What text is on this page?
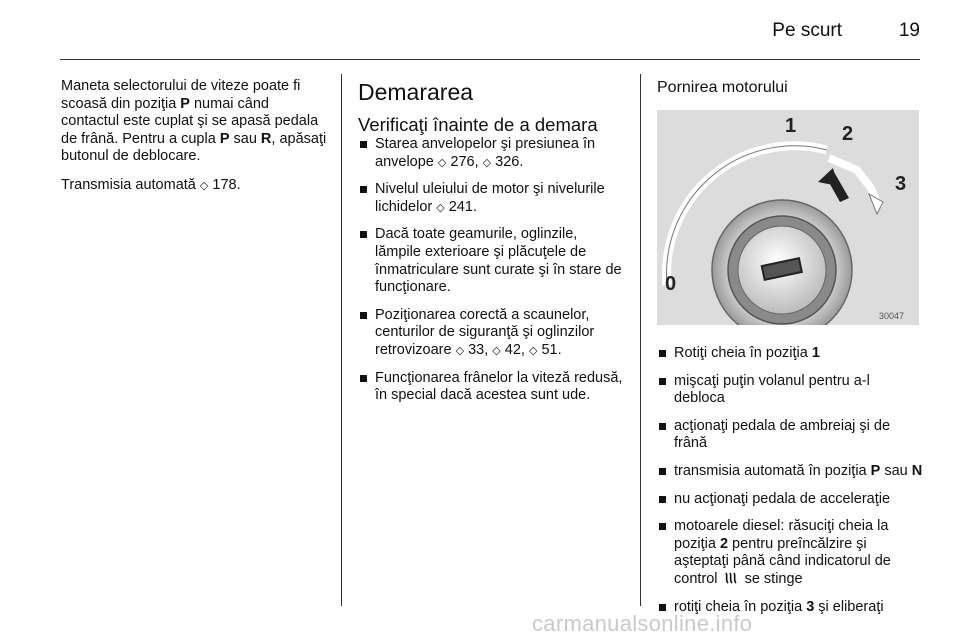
Pe scurt	19

Maneta selectorului de viteze poate fi scoasă din poziţia P numai când contactul este cuplat şi se apasă pedala de frână. Pentru a cupla P sau R, apăsaţi butonul de deblocare.

Transmisia automată ◇ 178.

Demararea
Verificaţi înainte de a demara
Starea anvelopelor şi presiunea în anvelope ◇ 276, ◇ 326.
Nivelul uleiului de motor şi nivelurile lichidelor ◇ 241.
Dacă toate geamurile, oglinzile, lămpile exterioare şi plăcuţele de înmatriculare sunt curate şi în stare de funcţionare.
Poziţionarea corectă a scaunelor, centurilor de siguranţă şi oglinzilor retrovizoare ◇ 33, ◇ 42, ◇ 51.
Funcţionarea frânelor la viteză redusă, în special dacă acestea sunt ude.
Pornirea motorului
0
1 2
3
30047
Rotiţi cheia în poziţia 1
mişcaţi puţin volanul pentru a-l debloca
acţionaţi pedala de ambreiaj şi de frână
transmisia automată în poziţia P sau N
nu acţionaţi pedala de acceleraţie
motoarele diesel: răsuciţi cheia la poziţia 2 pentru preîncălzire şi aşteptaţi până când indicatorul de control  se stinge
rotiţi cheia în poziţia 3 şi eliberaţi
carmanualsonline.info
